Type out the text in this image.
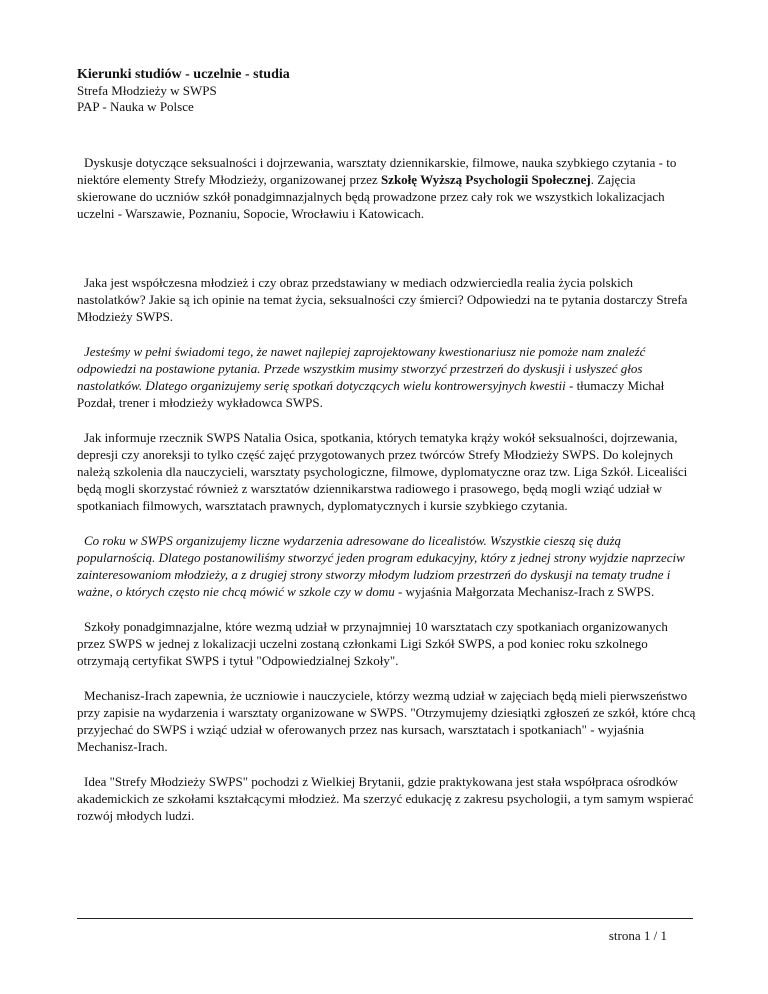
Kierunki studiów - uczelnie - studia

Strefa Młodzieży w SWPS

PAP - Nauka w Polsce

Dyskusje dotyczące seksualności i dojrzewania, warsztaty dziennikarskie, filmowe, nauka szybkiego czytania - to niektóre elementy Strefy Młodzieży, organizowanej przez Szkołę Wyższą Psychologii Społecznej. Zajęcia skierowane do uczniów szkół ponadgimnazjalnych będą prowadzone przez cały rok we wszystkich lokalizacjach uczelni - Warszawie, Poznaniu, Sopocie, Wrocławiu i Katowicach.

Jaka jest współczesna młodzież i czy obraz przedstawiany w mediach odzwierciedla realia życia polskich nastolatków? Jakie są ich opinie na temat życia, seksualności czy śmierci? Odpowiedzi na te pytania dostarczy Strefa Młodzieży SWPS.

Jesteśmy w pełni świadomi tego, że nawet najlepiej zaprojektowany kwestionariusz nie pomoże nam znaleźć odpowiedzi na postawione pytania. Przede wszystkim musimy stworzyć przestrzeń do dyskusji i usłyszeć głos nastolatków. Dlatego organizujemy serię spotkań dotyczących wielu kontrowersyjnych kwestii - tłumaczy Michał Pozdał, trener i młodzieży wykładowca SWPS.

Jak informuje rzecznik SWPS Natalia Osica, spotkania, których tematyka krąży wokół seksualności, dojrzewania, depresji czy anoreksji to tylko część zajęć przygotowanych przez twórców Strefy Młodzieży SWPS. Do kolejnych należą szkolenia dla nauczycieli, warsztaty psychologiczne, filmowe, dyplomatyczne oraz tzw. Liga Szkół. Licealiści będą mogli skorzystać również z warsztatów dziennikarstwa radiowego i prasowego, będą mogli wziąć udział w spotkaniach filmowych, warsztatach prawnych, dyplomatycznych i kursie szybkiego czytania.

Co roku w SWPS organizujemy liczne wydarzenia adresowane do licealistów. Wszystkie cieszą się dużą popularnością. Dlatego postanowiliśmy stworzyć jeden program edukacyjny, który z jednej strony wyjdzie naprzeciw zainteresowaniom młodzieży, a z drugiej strony stworzy młodym ludziom przestrzeń do dyskusji na tematy trudne i ważne, o których często nie chcą mówić w szkole czy w domu - wyjaśnia Małgorzata Mechanisz-Irach z SWPS.

Szkoły ponadgimnazjalne, które wezmą udział w przynajmniej 10 warsztatach czy spotkaniach organizowanych przez SWPS w jednej z lokalizacji uczelni zostaną członkami Ligi Szkół SWPS, a pod koniec roku szkolnego otrzymają certyfikat SWPS i tytuł "Odpowiedzialnej Szkoły".

Mechanisz-Irach zapewnia, że uczniowie i nauczyciele, którzy wezmą udział w zajęciach będą mieli pierwszeństwo przy zapisie na wydarzenia i warsztaty organizowane w SWPS. "Otrzymujemy dziesiątki zgłoszeń ze szkół, które chcą przyjechać do SWPS i wziąć udział w oferowanych przez nas kursach, warsztatach i spotkaniach" - wyjaśnia Mechanisz-Irach.

Idea "Strefy Młodzieży SWPS" pochodzi z Wielkiej Brytanii, gdzie praktykowana jest stała współpraca ośrodków akademickich ze szkołami kształcącymi młodzież. Ma szerzyć edukację z zakresu psychologii, a tym samym wspierać rozwój młodych ludzi.

strona 1 / 1
